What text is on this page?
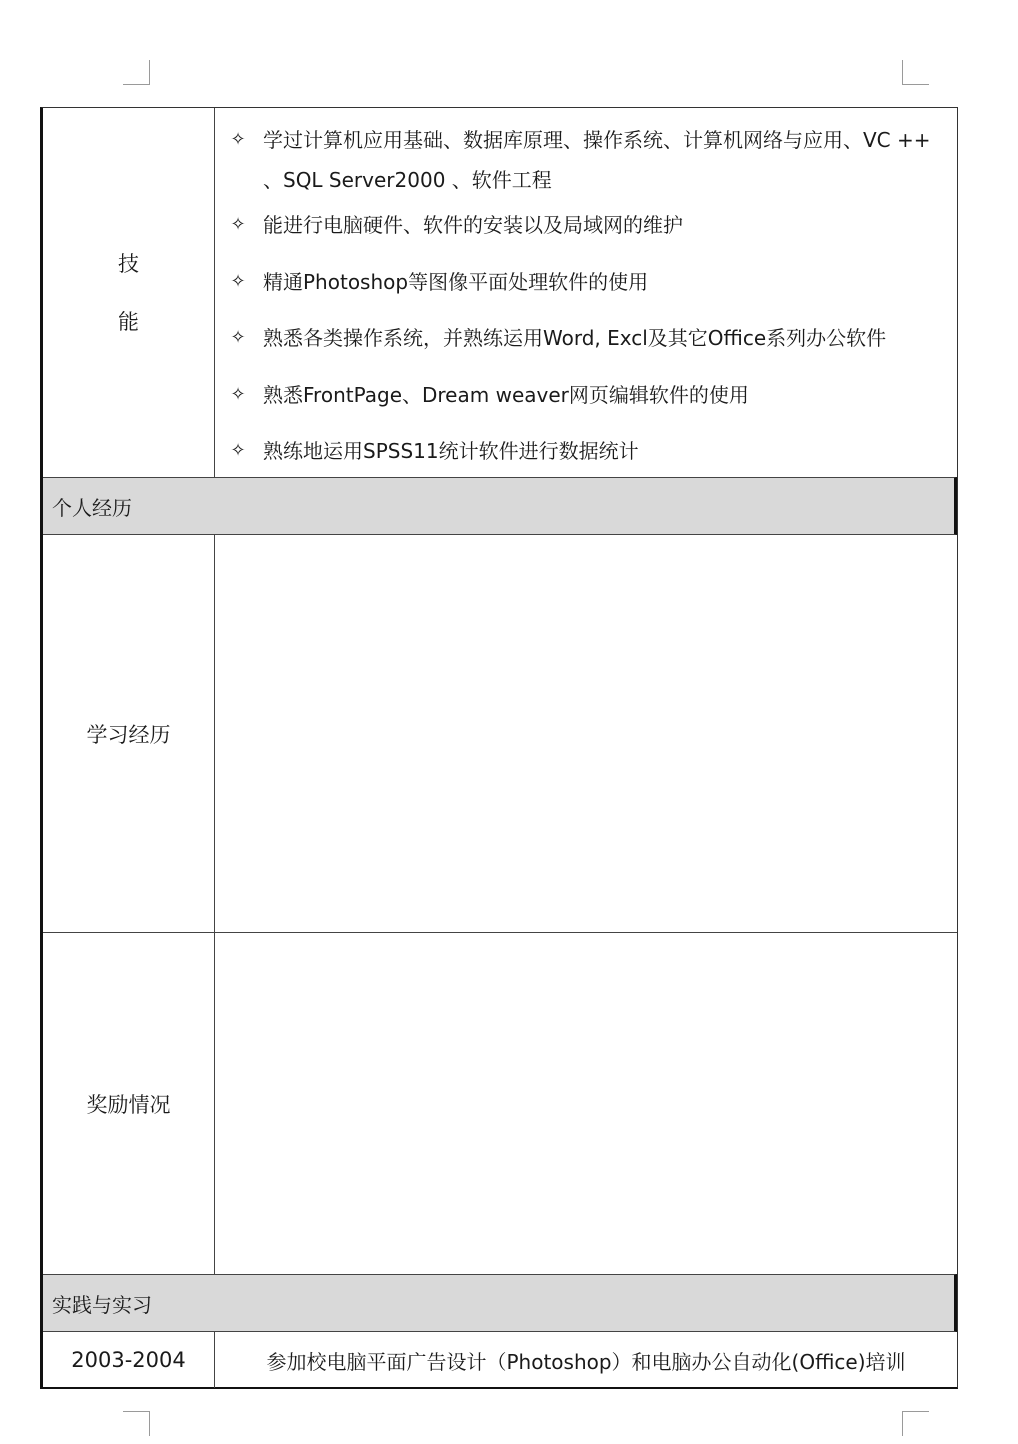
技
能
✧ 学过计算机应用基础、数据库原理、操作系统、计算机网络与应用、VC ++ 、SQL Server2000 、软件工程
✧ 能进行电脑硬件、软件的安装以及局域网的维护
✧ 精通Photoshop等图像平面处理软件的使用
✧ 熟悉各类操作系统，并熟练运用Word, Excl及其它Office系列办公软件
✧ 熟悉FrontPage、Dream weaver网页编辑软件的使用
✧ 熟练地运用SPSS11统计软件进行数据统计
个人经历
学习经历
奖励情况
实践与实习
2003-2004	参加校电脑平面广告设计（Photoshop）和电脑办公自动化(Office)培训
